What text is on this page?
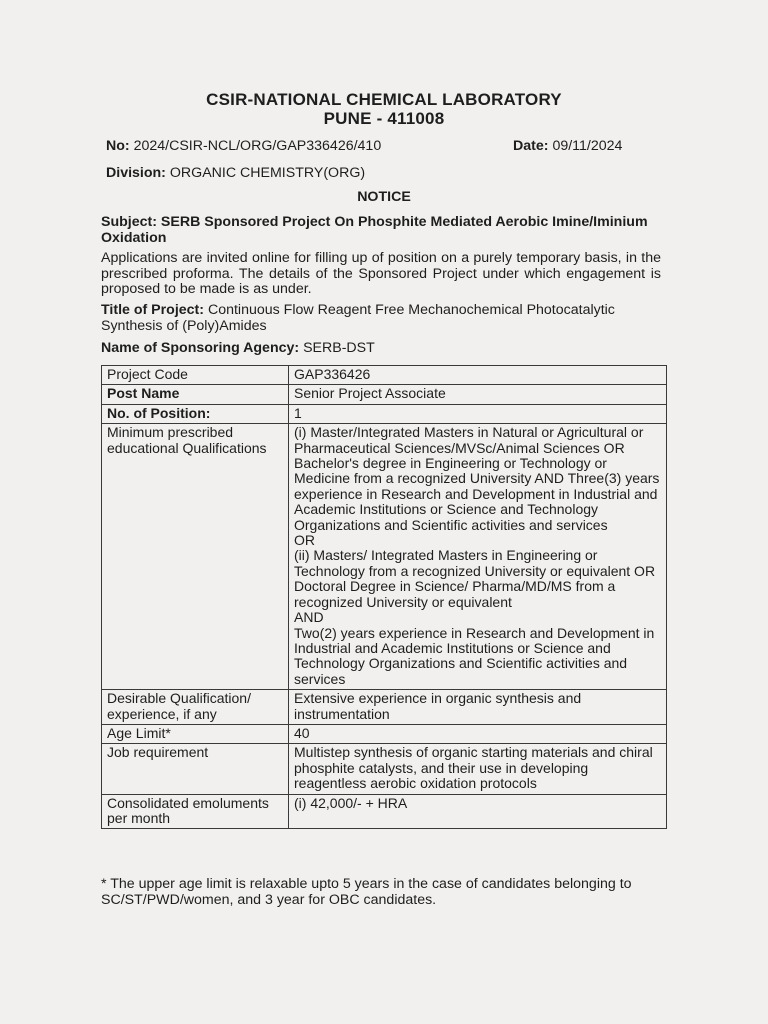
CSIR-NATIONAL CHEMICAL LABORATORY
PUNE - 411008
No: 2024/CSIR-NCL/ORG/GAP336426/410	Date: 09/11/2024
Division: ORGANIC CHEMISTRY(ORG)
NOTICE
Subject: SERB Sponsored Project On Phosphite Mediated Aerobic Imine/Iminium Oxidation
Applications are invited online for filling up of position on a purely temporary basis, in the prescribed proforma. The details of the Sponsored Project under which engagement is proposed to be made is as under.
Title of Project: Continuous Flow Reagent Free Mechanochemical Photocatalytic Synthesis of (Poly)Amides
Name of Sponsoring Agency: SERB-DST
Project Code	GAP336426
Post Name	Senior Project Associate
No. of Position:	1
Minimum prescribed educational Qualifications	(i) Master/Integrated Masters in Natural or Agricultural or Pharmaceutical Sciences/MVSc/Animal Sciences OR Bachelor's degree in Engineering or Technology or Medicine from a recognized University AND Three(3) years experience in Research and Development in Industrial and Academic Institutions or Science and Technology Organizations and Scientific activities and services
OR
(ii) Masters/ Integrated Masters in Engineering or Technology from a recognized University or equivalent OR Doctoral Degree in Science/ Pharma/MD/MS from a recognized University or equivalent
AND
Two(2) years experience in Research and Development in Industrial and Academic Institutions or Science and Technology Organizations and Scientific activities and services

Desirable Qualification/ experience, if any	Extensive experience in organic synthesis and instrumentation
Age Limit*	40
Job requirement	Multistep synthesis of organic starting materials and chiral phosphite catalysts, and their use in developing reagentless aerobic oxidation protocols
Consolidated emoluments per month	(i) 42,000/- + HRA
* The upper age limit is relaxable upto 5 years in the case of candidates belonging to SC/ST/PWD/women, and 3 year for OBC candidates.
